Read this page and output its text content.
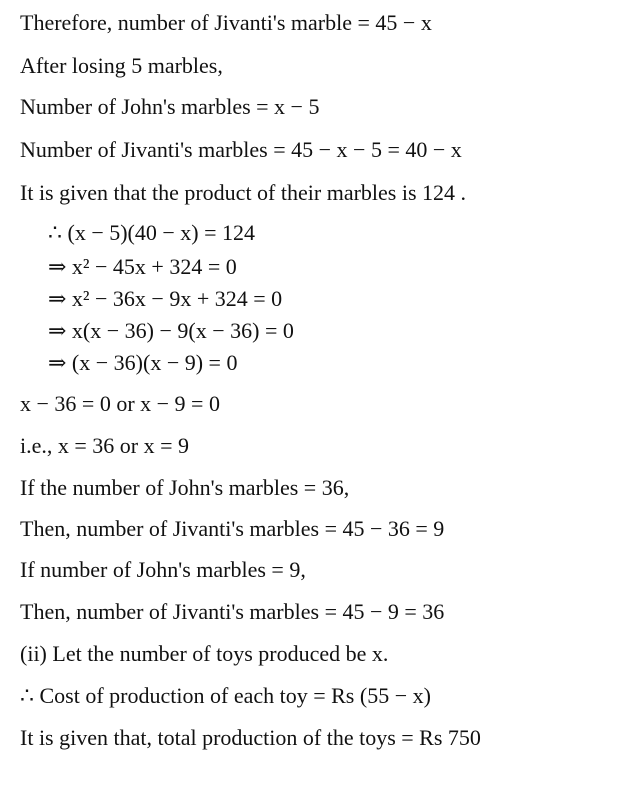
Therefore, number of Jivanti's marble = 45 − x
After losing 5 marbles,
Number of John's marbles = x − 5
Number of Jivanti's marbles = 45 − x − 5 = 40 − x
It is given that the product of their marbles is 124 .
∴ (x − 5)(40 − x) = 124
⇒ x² − 45x + 324 = 0
⇒ x² − 36x − 9x + 324 = 0
⇒ x(x − 36) − 9(x − 36) = 0
⇒ (x − 36)(x − 9) = 0
x − 36 = 0 or x − 9 = 0
i.e., x = 36 or x = 9
If the number of John's marbles = 36,
Then, number of Jivanti's marbles = 45 − 36 = 9
If number of John's marbles = 9,
Then, number of Jivanti's marbles = 45 − 9 = 36
(ii) Let the number of toys produced be x.
∴ Cost of production of each toy = Rs (55 − x)
It is given that, total production of the toys = Rs 750
